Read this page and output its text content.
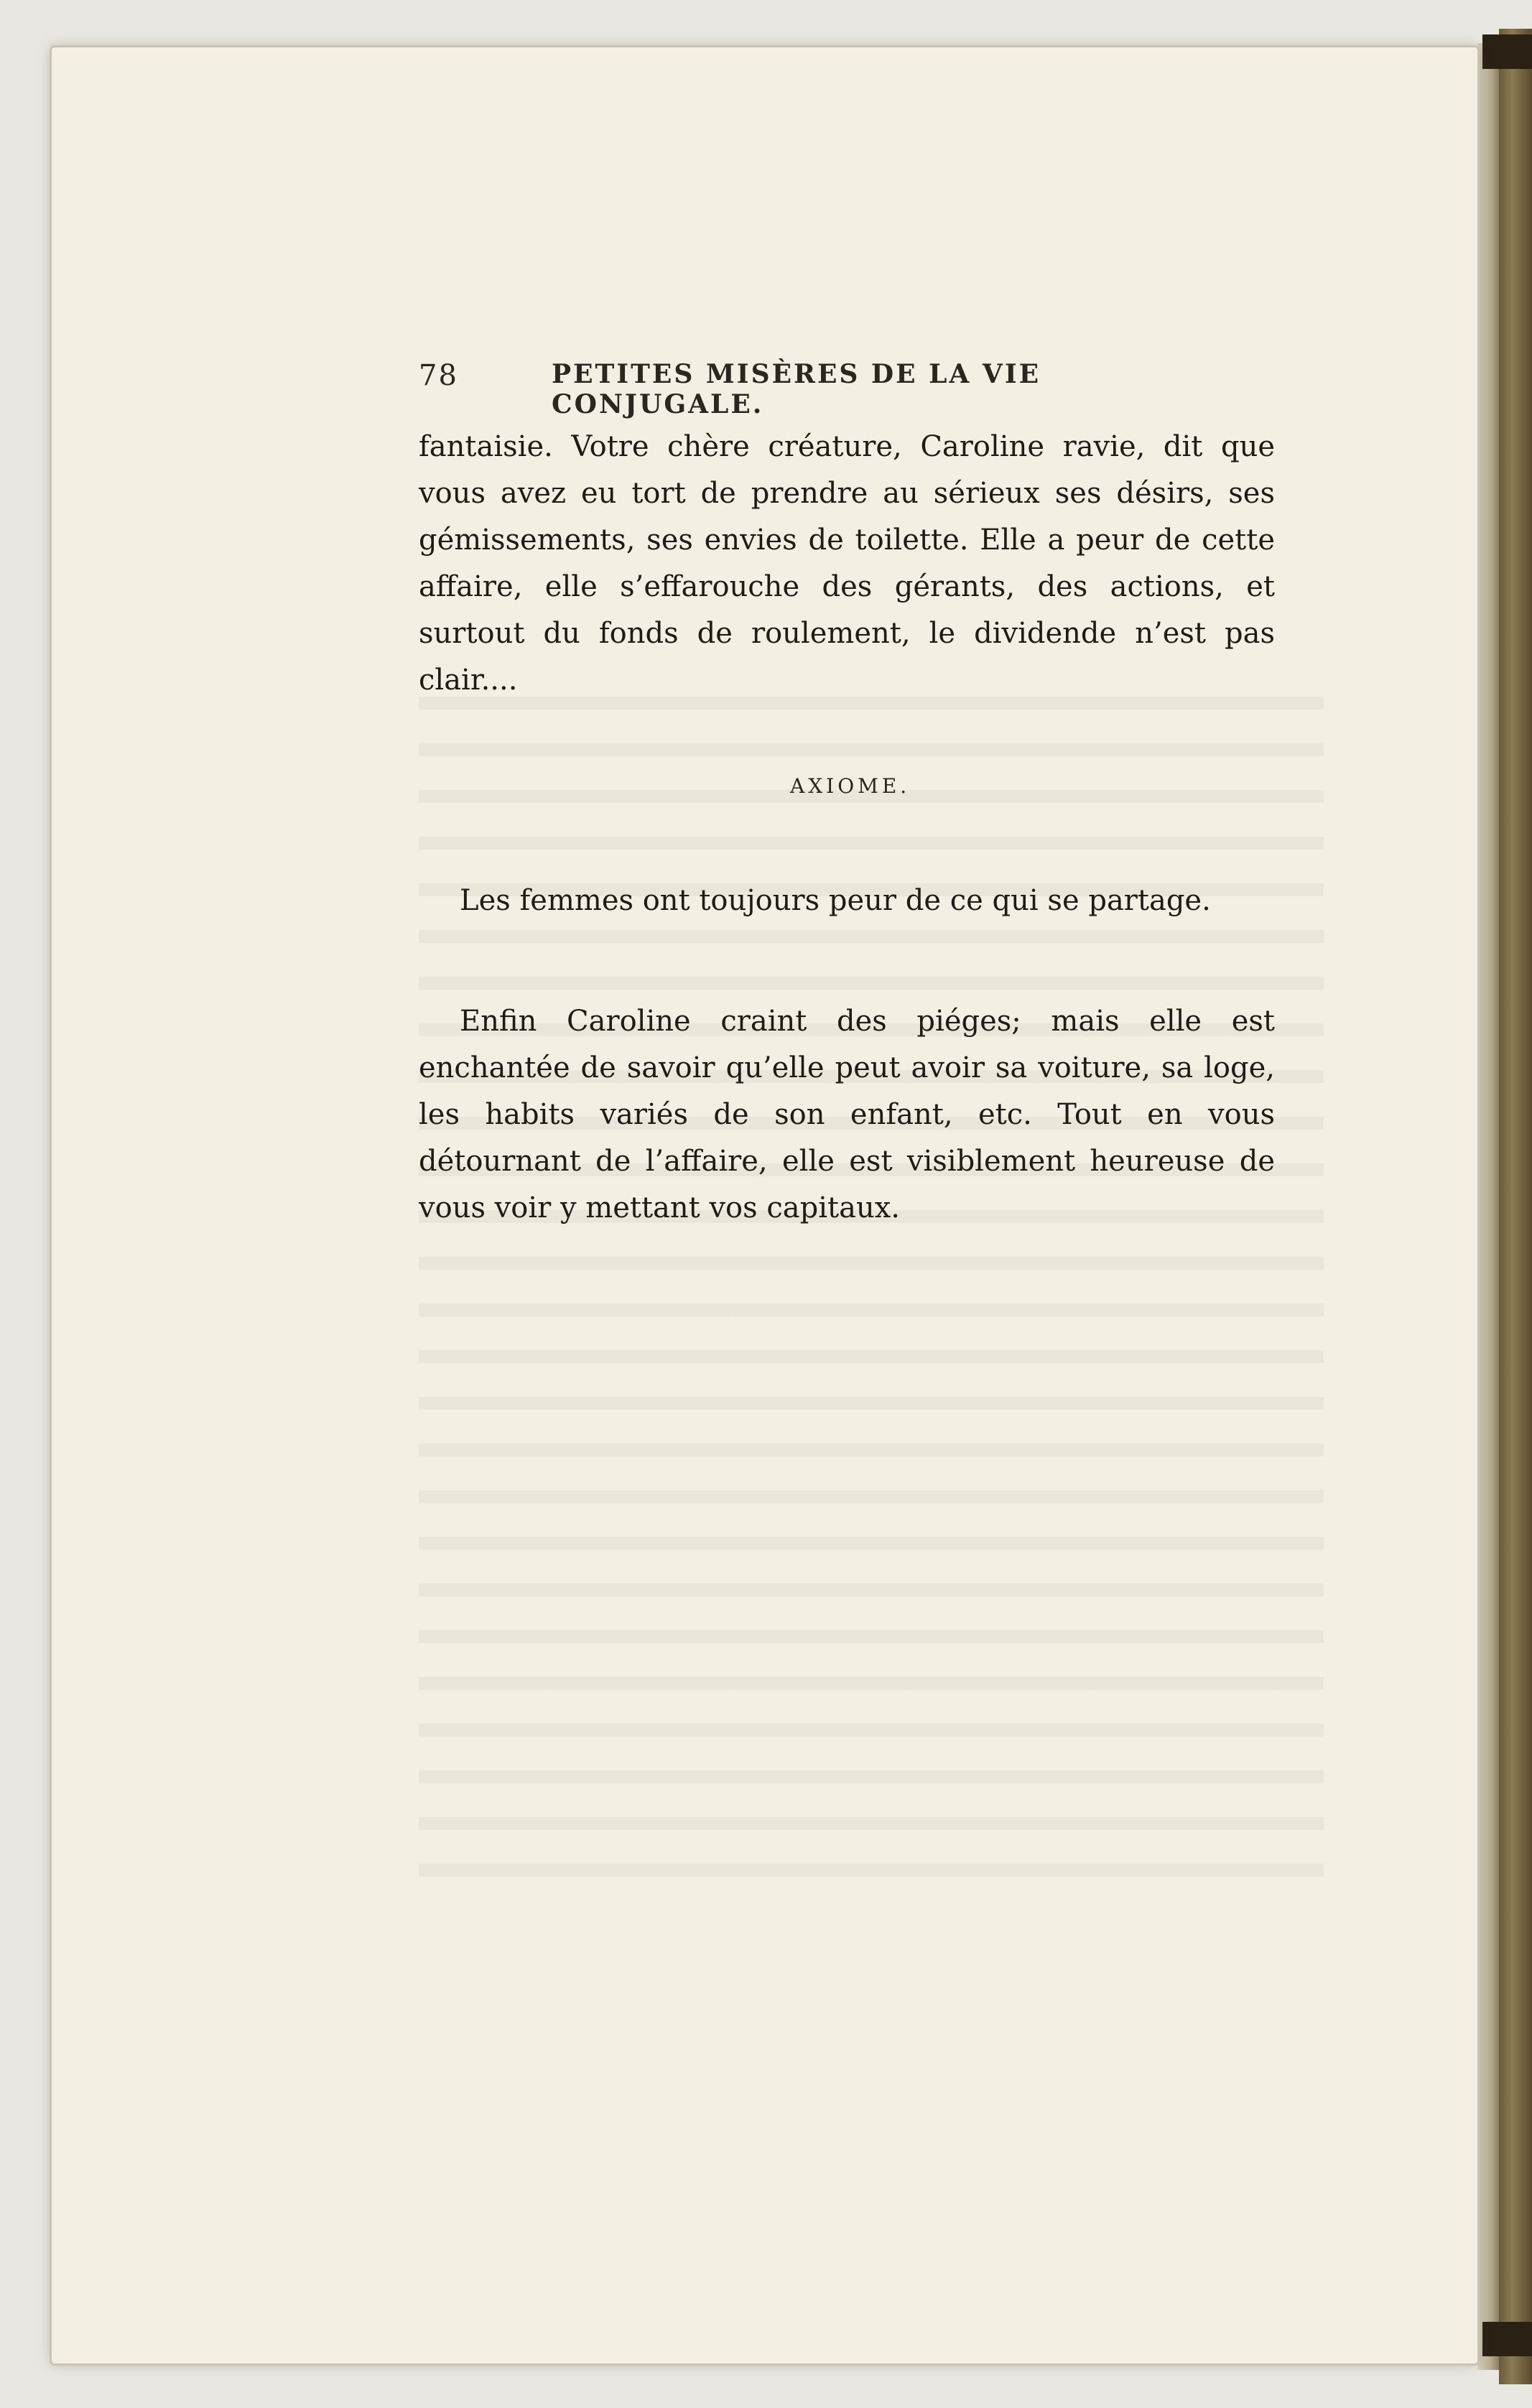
78	PETITES MISÈRES DE LA VIE CONJUGALE.
fantaisie. Votre chère créature, Caroline ravie, dit que vous avez eu tort de prendre au sérieux ses désirs, ses gémissements, ses envies de toilette. Elle a peur de cette affaire, elle s’effarouche des gérants, des actions, et surtout du fonds de roulement, le dividende n’est pas clair....
AXIOME.
Les femmes ont toujours peur de ce qui se partage.
Enfin Caroline craint des piéges; mais elle est enchantée de savoir qu’elle peut avoir sa voiture, sa loge, les habits variés de son enfant, etc. Tout en vous détournant de l’affaire, elle est visiblement heureuse de vous voir y mettant vos capitaux.
